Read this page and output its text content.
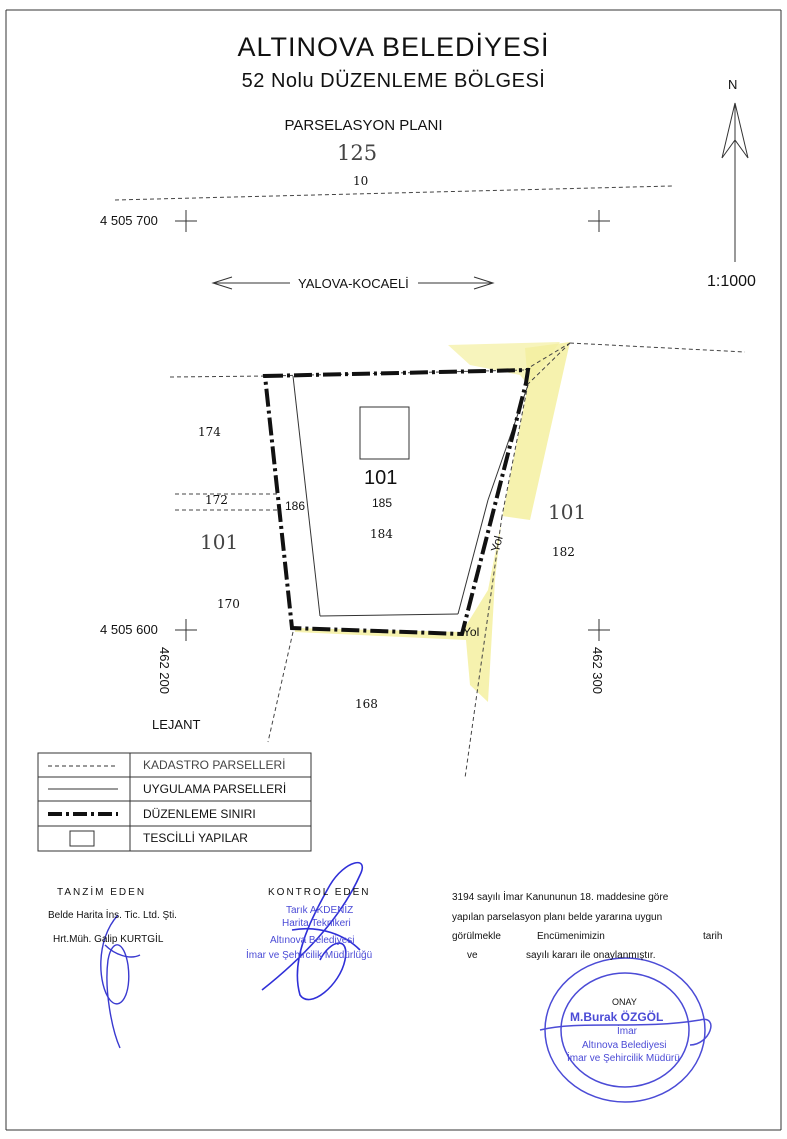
ALTINOVA BELEDİYESİ
52 Nolu DÜZENLEME BÖLGESİ
PARSELASYON PLANI
125
10
4 505 700
YALOVA-KOCAELİ
N
1:1000
174
172
101
170
101
185
186
184
101
182
168
Yol
Yol
4 505 600
462 200	462 300
LEJANT
KADASTRO PARSELLERİ
UYGULAMA PARSELLERİ
DÜZENLEME SINIRI
TESCİLLİ YAPILAR
TANZİM EDEN
Belde Harita İns. Tic. Ltd. Şti.
Hrt.Müh. Galip KURTGİL
KONTROL EDEN
Tarık AKDENİZ
Harita Teknikeri
Altınova Belediyesi
İmar ve Şehircilik Müdürlüğü
3194 sayılı İmar Kanununun 18. maddesine göre
yapılan parselasyon planı belde yararına uygun
görülmekle	Encümenimizin	tarih
ve	sayılı kararı ile onaylanmıştır.
ONAY
M.Burak ÖZGÖL
İmar
Altınova Belediyesi
İmar ve Şehircilik Müdürü
